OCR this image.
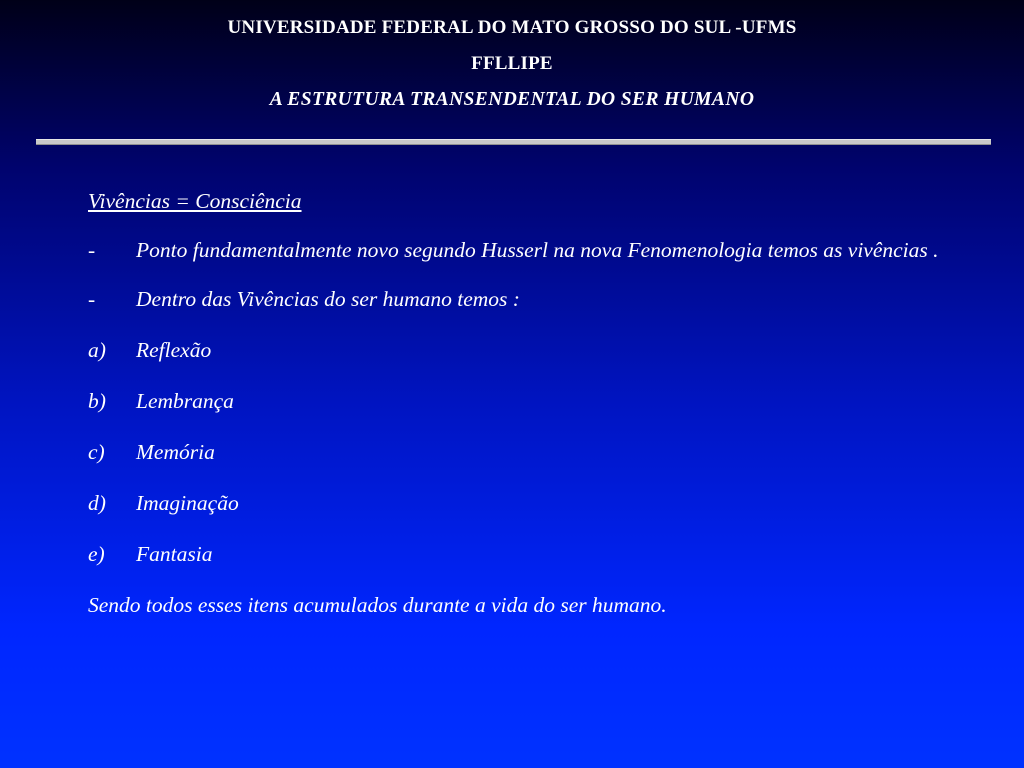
UNIVERSIDADE FEDERAL DO MATO GROSSO DO SUL -UFMS
FFLLIPE
A ESTRUTURA TRANSENDENTAL DO SER HUMANO
Vivências = Consciência
-	Ponto fundamentalmente novo segundo Husserl na nova Fenomenologia temos as vivências .
-	Dentro das Vivências do ser humano temos :
a)	Reflexão
b)	Lembrança
c)	Memória
d)	Imaginação
e)	Fantasia
Sendo todos esses itens acumulados durante a vida do ser humano.
